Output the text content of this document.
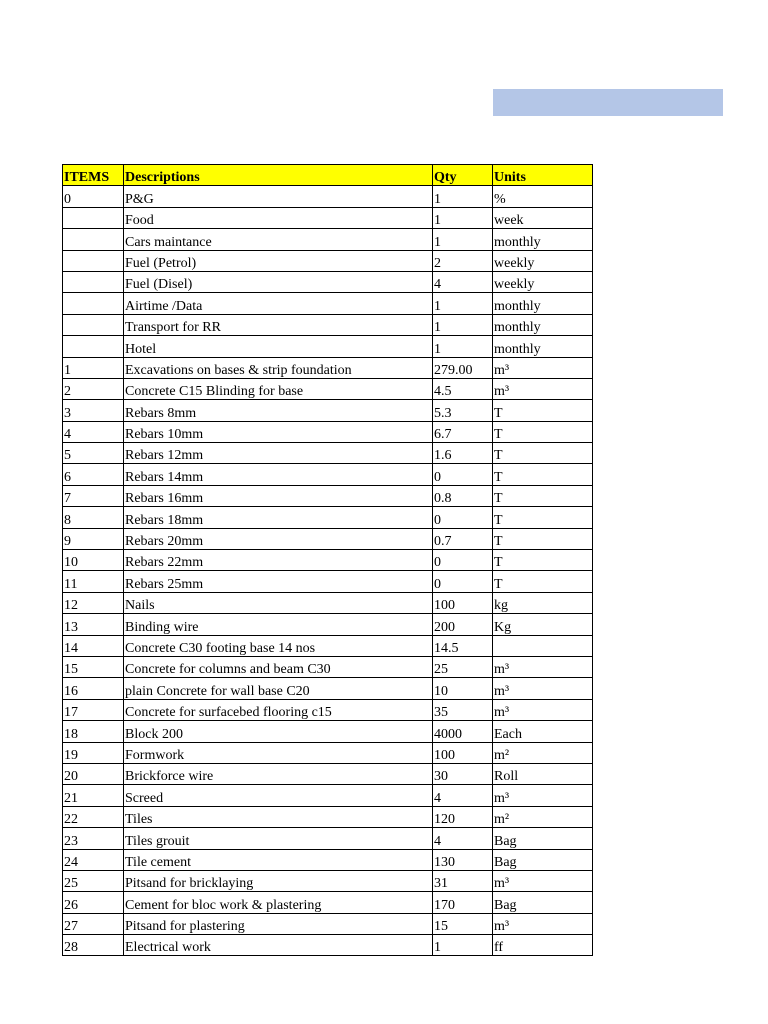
ITEMS	Descriptions	Qty	Units
0	P&G	1	%
	Food	1	week
	Cars maintance	1	monthly
	Fuel (Petrol)	2	weekly
	Fuel (Disel)	4	weekly
	Airtime /Data	1	monthly
	Transport for RR	1	monthly
	Hotel	1	monthly
1	Excavations on bases & strip foundation	279.00	m³
2	Concrete C15 Blinding for base	4.5	m³
3	Rebars 8mm	5.3	T
4	Rebars 10mm	6.7	T
5	Rebars 12mm	1.6	T
6	Rebars 14mm	0	T
7	Rebars 16mm	0.8	T
8	Rebars 18mm	0	T
9	Rebars 20mm	0.7	T
10	Rebars 22mm	0	T
11	Rebars 25mm	0	T
12	Nails	100	kg
13	Binding wire	200	Kg
14	Concrete C30 footing base 14 nos	14.5	
15	Concrete for columns and beam C30	25	m³
16	plain Concrete for wall base C20	10	m³
17	Concrete for surfacebed flooring c15	35	m³
18	Block 200	4000	Each
19	Formwork	100	m²
20	Brickforce wire	30	Roll
21	Screed	4	m³
22	Tiles	120	m²
23	Tiles grouit	4	Bag
24	Tile cement	130	Bag
25	Pitsand for bricklaying	31	m³
26	Cement for bloc work & plastering	170	Bag
27	Pitsand for plastering	15	m³
28	Electrical work	1	ff
